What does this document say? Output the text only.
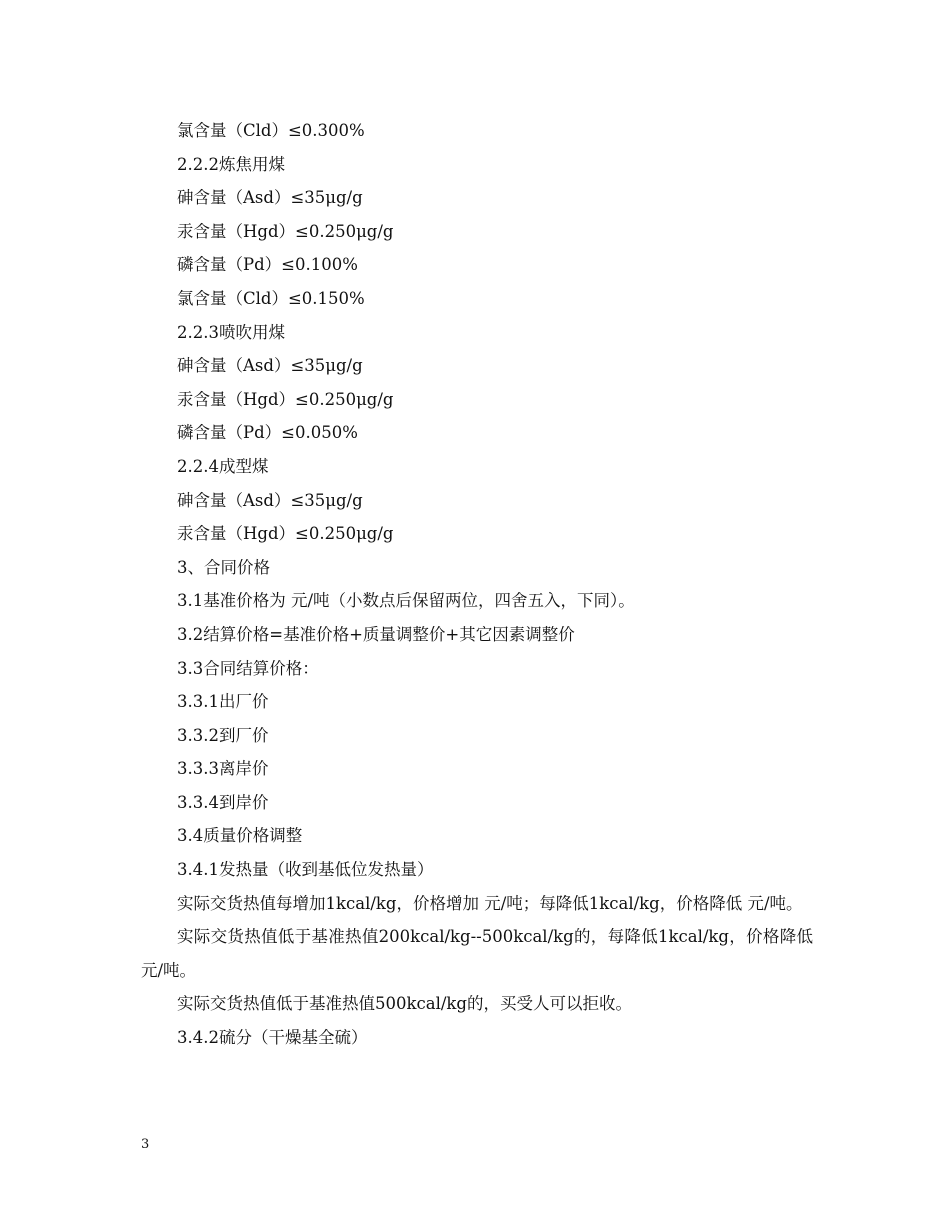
氯含量（Cld）≤0.300%
2.2.2炼焦用煤
砷含量（Asd）≤35μg/g
汞含量（Hgd）≤0.250μg/g
磷含量（Pd）≤0.100%
氯含量（Cld）≤0.150%
2.2.3喷吹用煤
砷含量（Asd）≤35μg/g
汞含量（Hgd）≤0.250μg/g
磷含量（Pd）≤0.050%
2.2.4成型煤
砷含量（Asd）≤35μg/g
汞含量（Hgd）≤0.250μg/g
3、合同价格
3.1基准价格为 元/吨（小数点后保留两位，四舍五入，下同）。
3.2结算价格=基准价格+质量调整价+其它因素调整价
3.3合同结算价格：
3.3.1出厂价
3.3.2到厂价
3.3.3离岸价
3.3.4到岸价
3.4质量价格调整
3.4.1发热量（收到基低位发热量）

实际交货热值每增加1kcal/kg，价格增加 元/吨；每降低1kcal/kg，价格降低 元/吨。

实际交货热值低于基准热值200kcal/kg--500kcal/kg的，每降低1kcal/kg，价格降低 元/吨。

实际交货热值低于基准热值500kcal/kg的，买受人可以拒收。

3.4.2硫分（干燥基全硫）
3
